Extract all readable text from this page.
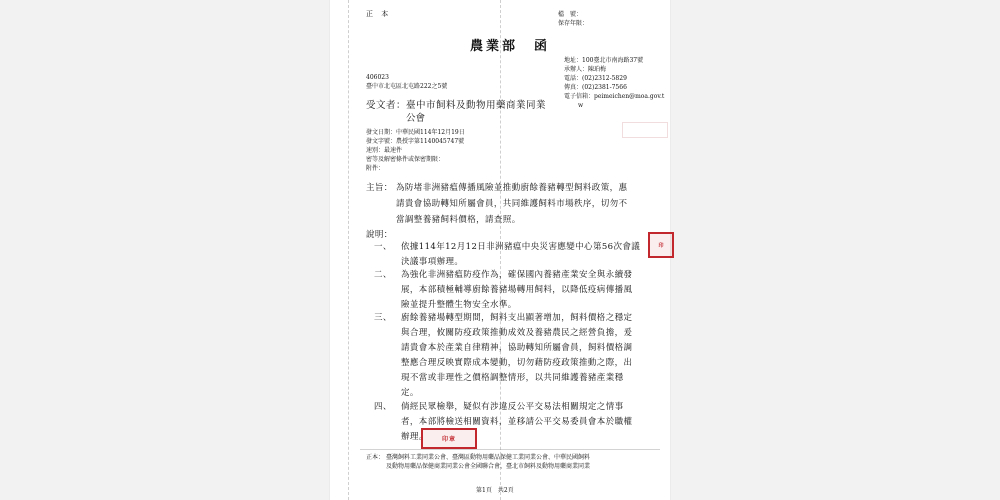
正 本	檔　號：
保存年限：
農業部　函
地址：100臺北市南海路37號
承辦人：陳珀梅
電話：(02)2312-5829
傳真：(02)2381-7566
電子信箱：peimeichen@moa.gov.t
w
406023
臺中市北屯區北屯路222之5號
受文者： 臺中市飼料及動物用藥商業同業
公會
發文日期：中華民國114年12月19日
發文字號：農授字第1140045747號
速別：最速件
密等及解密條件或保密期限：
附件：
主旨： 為防堵非洲豬瘟傳播風險並推動廚餘養豬轉型飼料政策，惠
請貴會協助轉知所屬會員，共同維護飼料市場秩序，切勿不
當調整養豬飼料價格，請查照。
說明：
一、 依據114年12月12日非洲豬瘟中央災害應變中心第56次會議
決議事項辦理。
二、 為強化非洲豬瘟防疫作為，確保國內養豬產業安全與永續發
展，本部積極輔導廚餘養豬場轉用飼料，以降低疫病傳播風
險並提升整體生物安全水準。
三、 廚餘養豬場轉型期間，飼料支出顯著增加，飼料價格之穩定
與合理，攸關防疫政策推動成效及養豬農民之經營負擔，爰
請貴會本於產業自律精神，協助轉知所屬會員，飼料價格調
整應合理反映實際成本變動，切勿藉防疫政策推動之際，出
現不當或非理性之價格調整情形，以共同維護養豬產業穩
定。
四、 倘經民眾檢舉，疑似有涉違反公平交易法相關規定之情事
者，本部將檢送相關資料，並移請公平交易委員會本於職權
辦理。
印
印章
正本： 臺灣飼料工業同業公會、臺灣區動物用藥品保健工業同業公會、中華民國飼料
及動物用藥品保健商業同業公會全國聯合會、臺北市飼料及動物用藥商業同業
第1頁　共2頁
